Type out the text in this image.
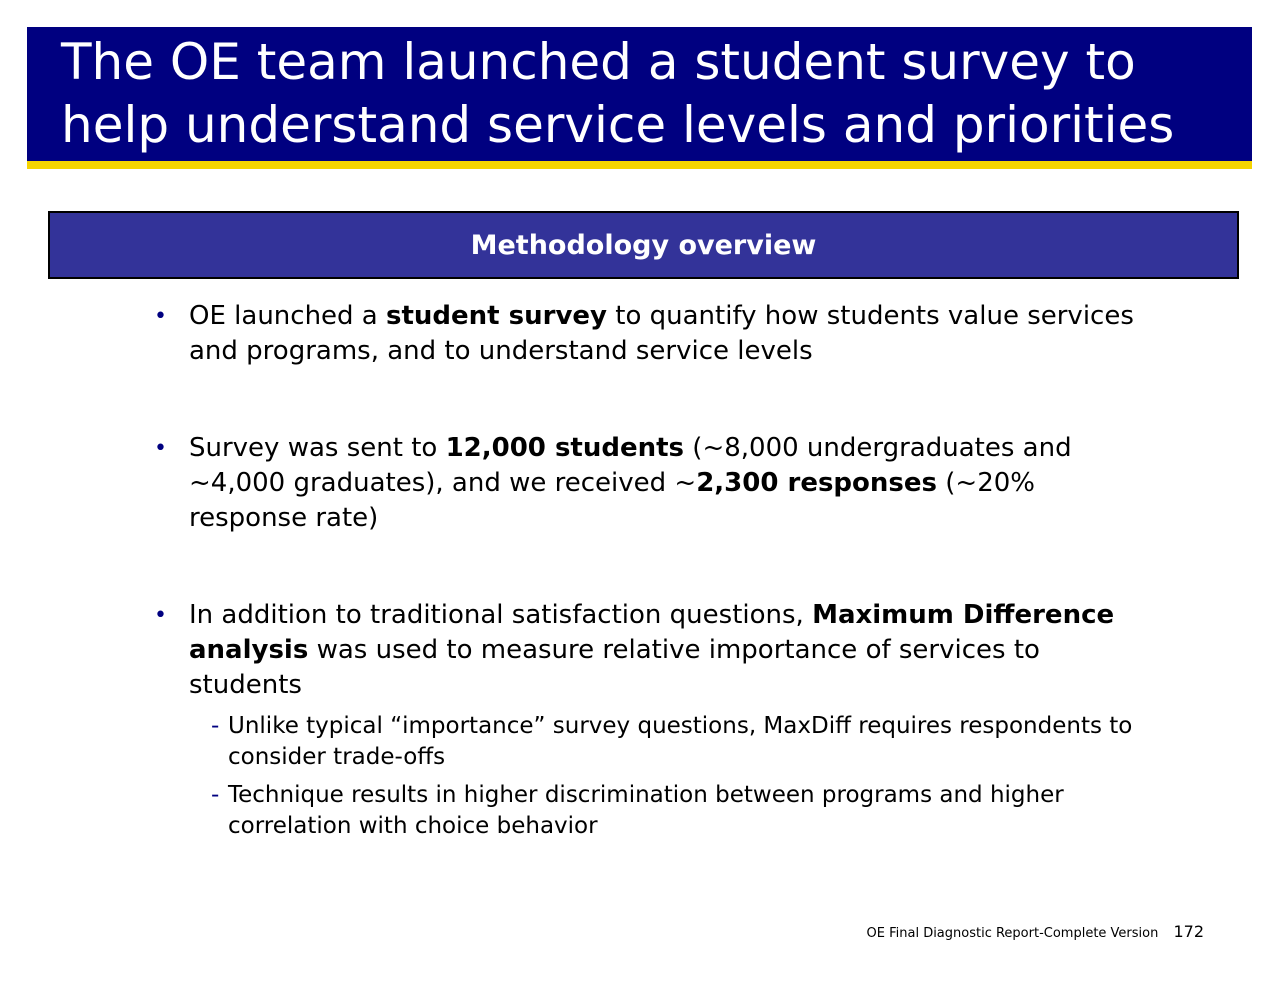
The OE team launched a student survey to
help understand service levels and priorities
Methodology overview
• OE launched a student survey to quantify how students value services and programs, and to understand service levels
• Survey was sent to 12,000 students (~8,000 undergraduates and ~4,000 graduates), and we received ~2,300 responses (~20% response rate)
• In addition to traditional satisfaction questions, Maximum Difference analysis was used to measure relative importance of services to students
- Unlike typical “importance” survey questions, MaxDiff requires respondents to consider trade-offs
- Technique results in higher discrimination between programs and higher correlation with choice behavior
OE Final Diagnostic Report-Complete Version 172
